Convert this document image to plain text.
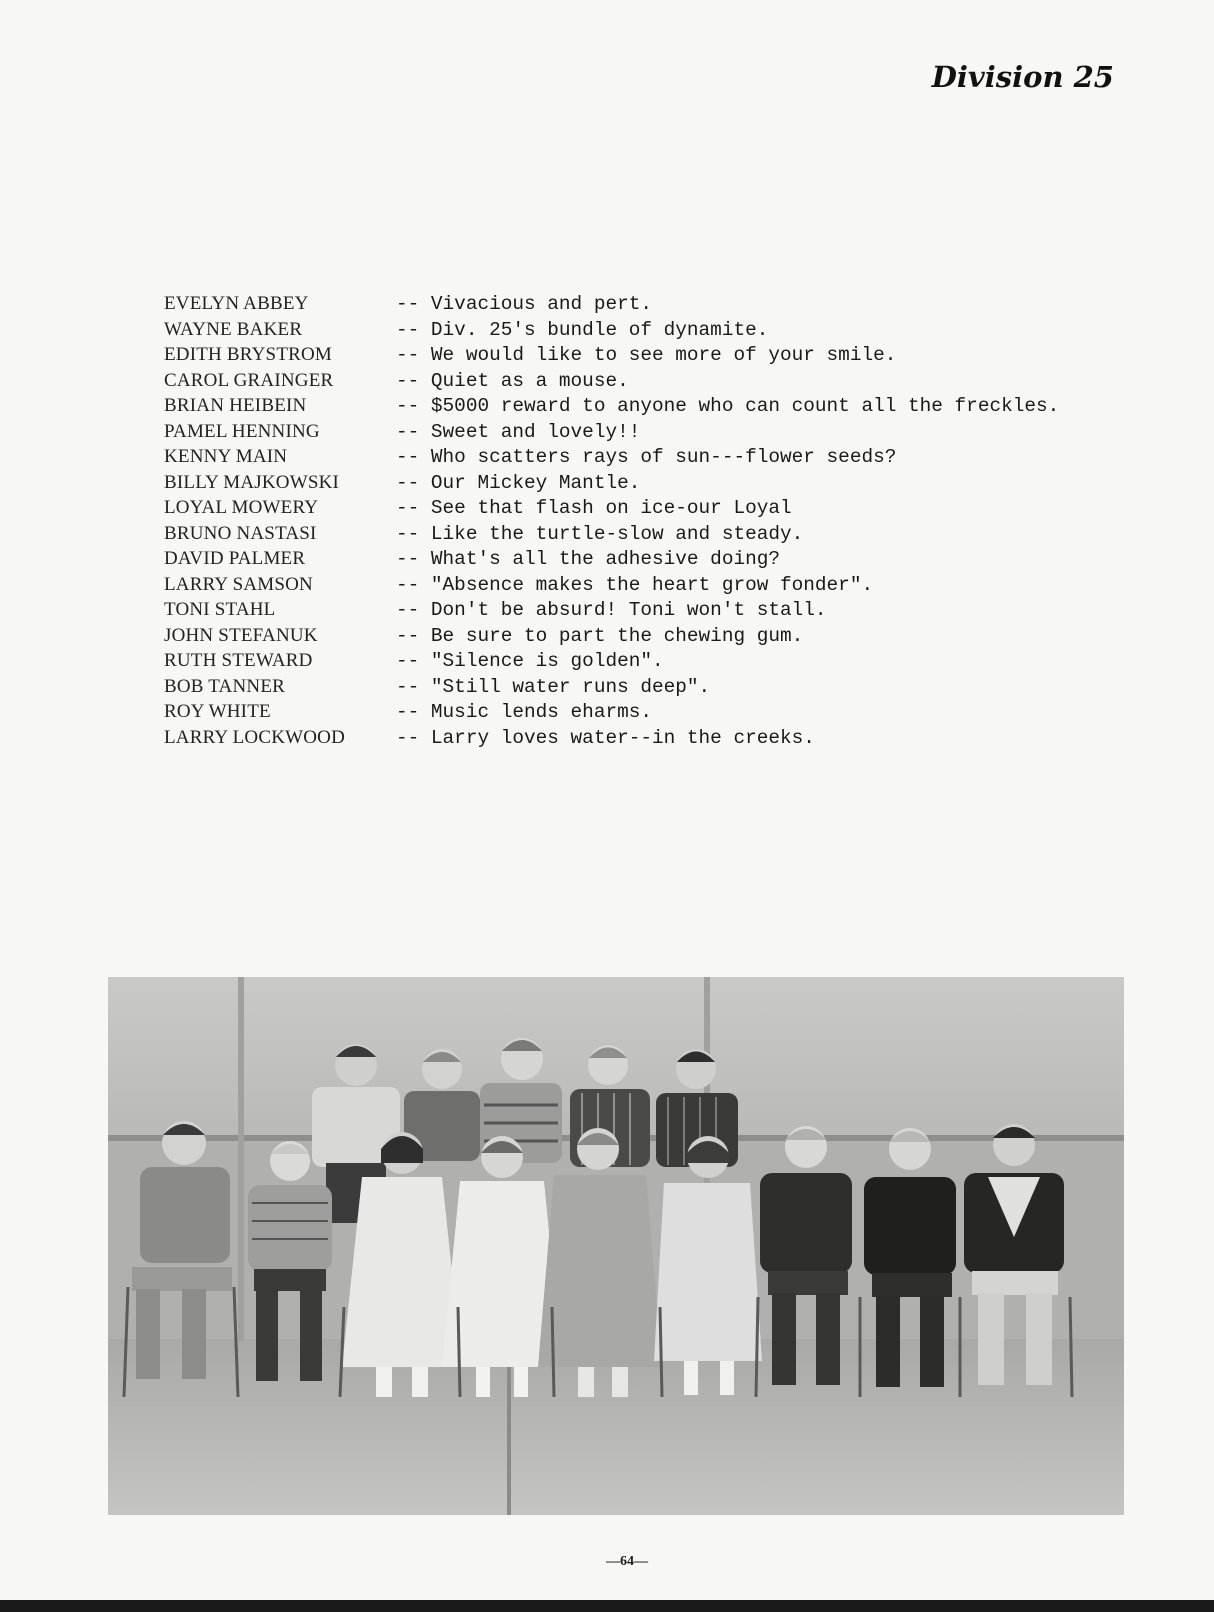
Division 25
EVELYN ABBEY	-- Vivacious and pert.
WAYNE BAKER	-- Div. 25's bundle of dynamite.
EDITH BRYSTROM	-- We would like to see more of your smile.
CAROL GRAINGER	-- Quiet as a mouse.
BRIAN HEIBEIN	-- $5000 reward to anyone who can count all the freckles.
PAMEL HENNING	-- Sweet and lovely!!
KENNY MAIN	-- Who scatters rays of sun---flower seeds?
BILLY MAJKOWSKI	-- Our Mickey Mantle.
LOYAL MOWERY	-- See that flash on ice-our Loyal
BRUNO NASTASI	-- Like the turtle-slow and steady.
DAVID PALMER	-- What's all the adhesive doing?
LARRY SAMSON	-- "Absence makes the heart grow fonder".
TONI STAHL	-- Don't be absurd! Toni won't stall.
JOHN STEFANUK	-- Be sure to part the chewing gum.
RUTH STEWARD	-- "Silence is golden".
BOB TANNER	-- "Still water runs deep".
ROY WHITE	-- Music lends eharms.
LARRY LOCKWOOD	-- Larry loves water--in the creeks.
—64—
